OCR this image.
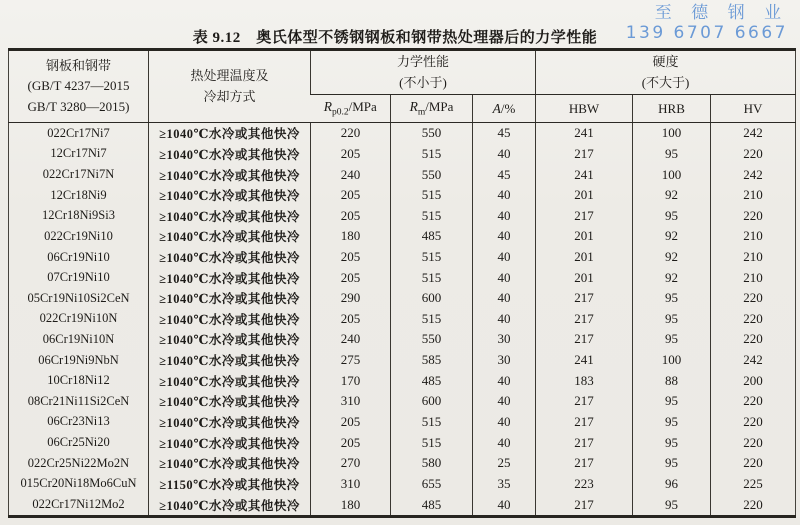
至 德 钢 业
139 6707 6667
表 9.12　奥氏体型不锈钢钢板和钢带热处理器后的力学性能
钢板和钢带
(GB/T 4237—2015
GB/T 3280—2015)

热处理温度及
冷却方式

力学性能
(不小于)

硬度
(不大于)

		$R_{p0.2}$/MPa	$R_m$/MPa	A/%	HBW	HRB	HV
022Cr17Ni7	≥1040℃水冷或其他快冷	220	550	45	241	100	242
12Cr17Ni7	≥1040℃水冷或其他快冷	205	515	40	217	95	220
022Cr17Ni7N	≥1040℃水冷或其他快冷	240	550	45	241	100	242
12Cr18Ni9	≥1040℃水冷或其他快冷	205	515	40	201	92	210
12Cr18Ni9Si3	≥1040℃水冷或其他快冷	205	515	40	217	95	220
022Cr19Ni10	≥1040℃水冷或其他快冷	180	485	40	201	92	210
06Cr19Ni10	≥1040℃水冷或其他快冷	205	515	40	201	92	210
07Cr19Ni10	≥1040℃水冷或其他快冷	205	515	40	201	92	210
05Cr19Ni10Si2CeN	≥1040℃水冷或其他快冷	290	600	40	217	95	220
022Cr19Ni10N	≥1040℃水冷或其他快冷	205	515	40	217	95	220
06Cr19Ni10N	≥1040℃水冷或其他快冷	240	550	30	217	95	220
06Cr19Ni9NbN	≥1040℃水冷或其他快冷	275	585	30	241	100	242
10Cr18Ni12	≥1040℃水冷或其他快冷	170	485	40	183	88	200
08Cr21Ni11Si2CeN	≥1040℃水冷或其他快冷	310	600	40	217	95	220
06Cr23Ni13	≥1040℃水冷或其他快冷	205	515	40	217	95	220
06Cr25Ni20	≥1040℃水冷或其他快冷	205	515	40	217	95	220
022Cr25Ni22Mo2N	≥1040℃水冷或其他快冷	270	580	25	217	95	220
015Cr20Ni18Mo6CuN	≥1150℃水冷或其他快冷	310	655	35	223	96	225
022Cr17Ni12Mo2	≥1040℃水冷或其他快冷	180	485	40	217	95	220
